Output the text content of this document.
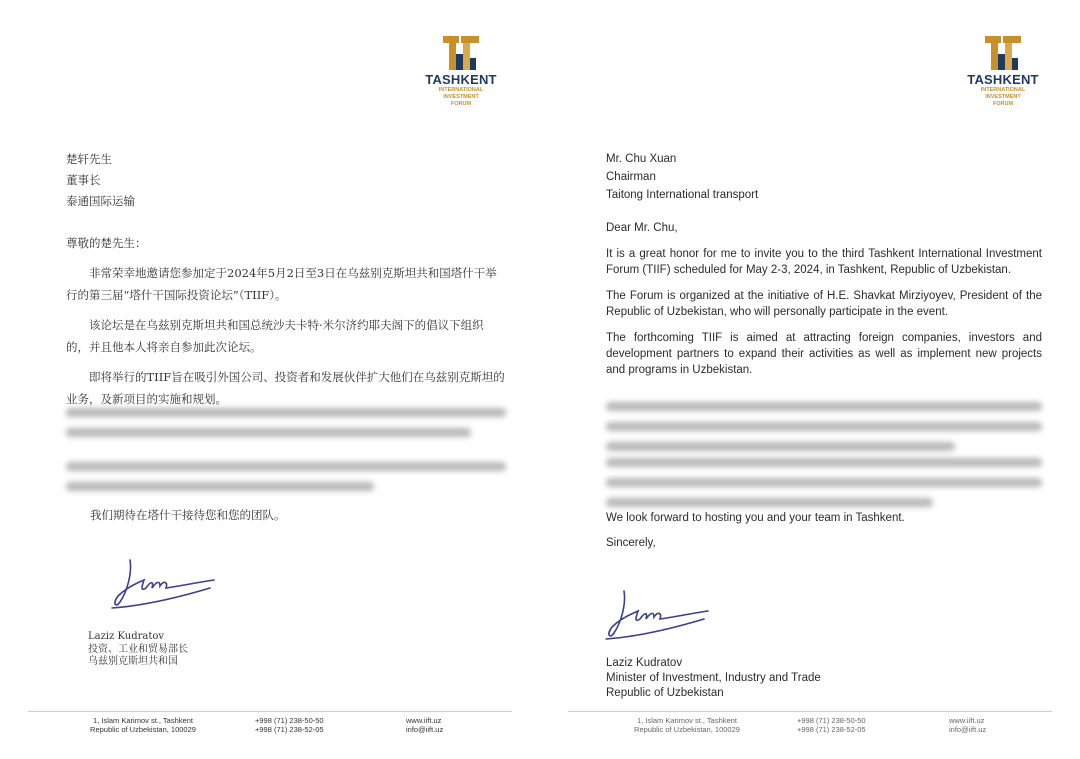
TASHKENT
INTERNATIONAL
INVESTMENT
FORUM
楚轩先生
董事长
泰通国际运输

尊敬的楚先生：

非常荣幸地邀请您参加定于2024年5月2日至3日在乌兹别克斯坦共和国塔什干举行的第三届“塔什干国际投资论坛”（TIIF）。

该论坛是在乌兹别克斯坦共和国总统沙夫卡特·米尔济约耶夫阁下的倡议下组织的，并且他本人将亲自参加此次论坛。

即将举行的TIIF旨在吸引外国公司、投资者和发展伙伴扩大他们在乌兹别克斯坦的业务，及新项目的实施和规划。

我们期待在塔什干接待您和您的团队。
Laziz Kudratov
投资、工业和贸易部长
乌兹别克斯坦共和国
1, Islam Karimov st., Tashkent
Republic of Uzbekistan, 100029
+998 (71) 238-50-50
+998 (71) 238-52-05
www.iift.uz
info@iift.uz
TASHKENT
INTERNATIONAL
INVESTMENT
FORUM
Mr. Chu Xuan
Chairman
Taitong International transport

Dear Mr. Chu,

It is a great honor for me to invite you to the third Tashkent International Investment Forum (TIIF) scheduled for May 2-3, 2024, in Tashkent, Republic of Uzbekistan.

The Forum is organized at the initiative of H.E. Shavkat Mirziyoyev, President of the Republic of Uzbekistan, who will personally participate in the event.

The forthcoming TIIF is aimed at attracting foreign companies, investors and development partners to expand their activities as well as implement new projects and programs in Uzbekistan.

We look forward to hosting you and your team in Tashkent.
Sincerely,
Laziz Kudratov
Minister of Investment, Industry and Trade
Republic of Uzbekistan
1, Islam Karimov st., Tashkent
Republic of Uzbekistan, 100029
+998 (71) 238-50-50
+998 (71) 238-52-05
www.iift.uz
info@iift.uz
